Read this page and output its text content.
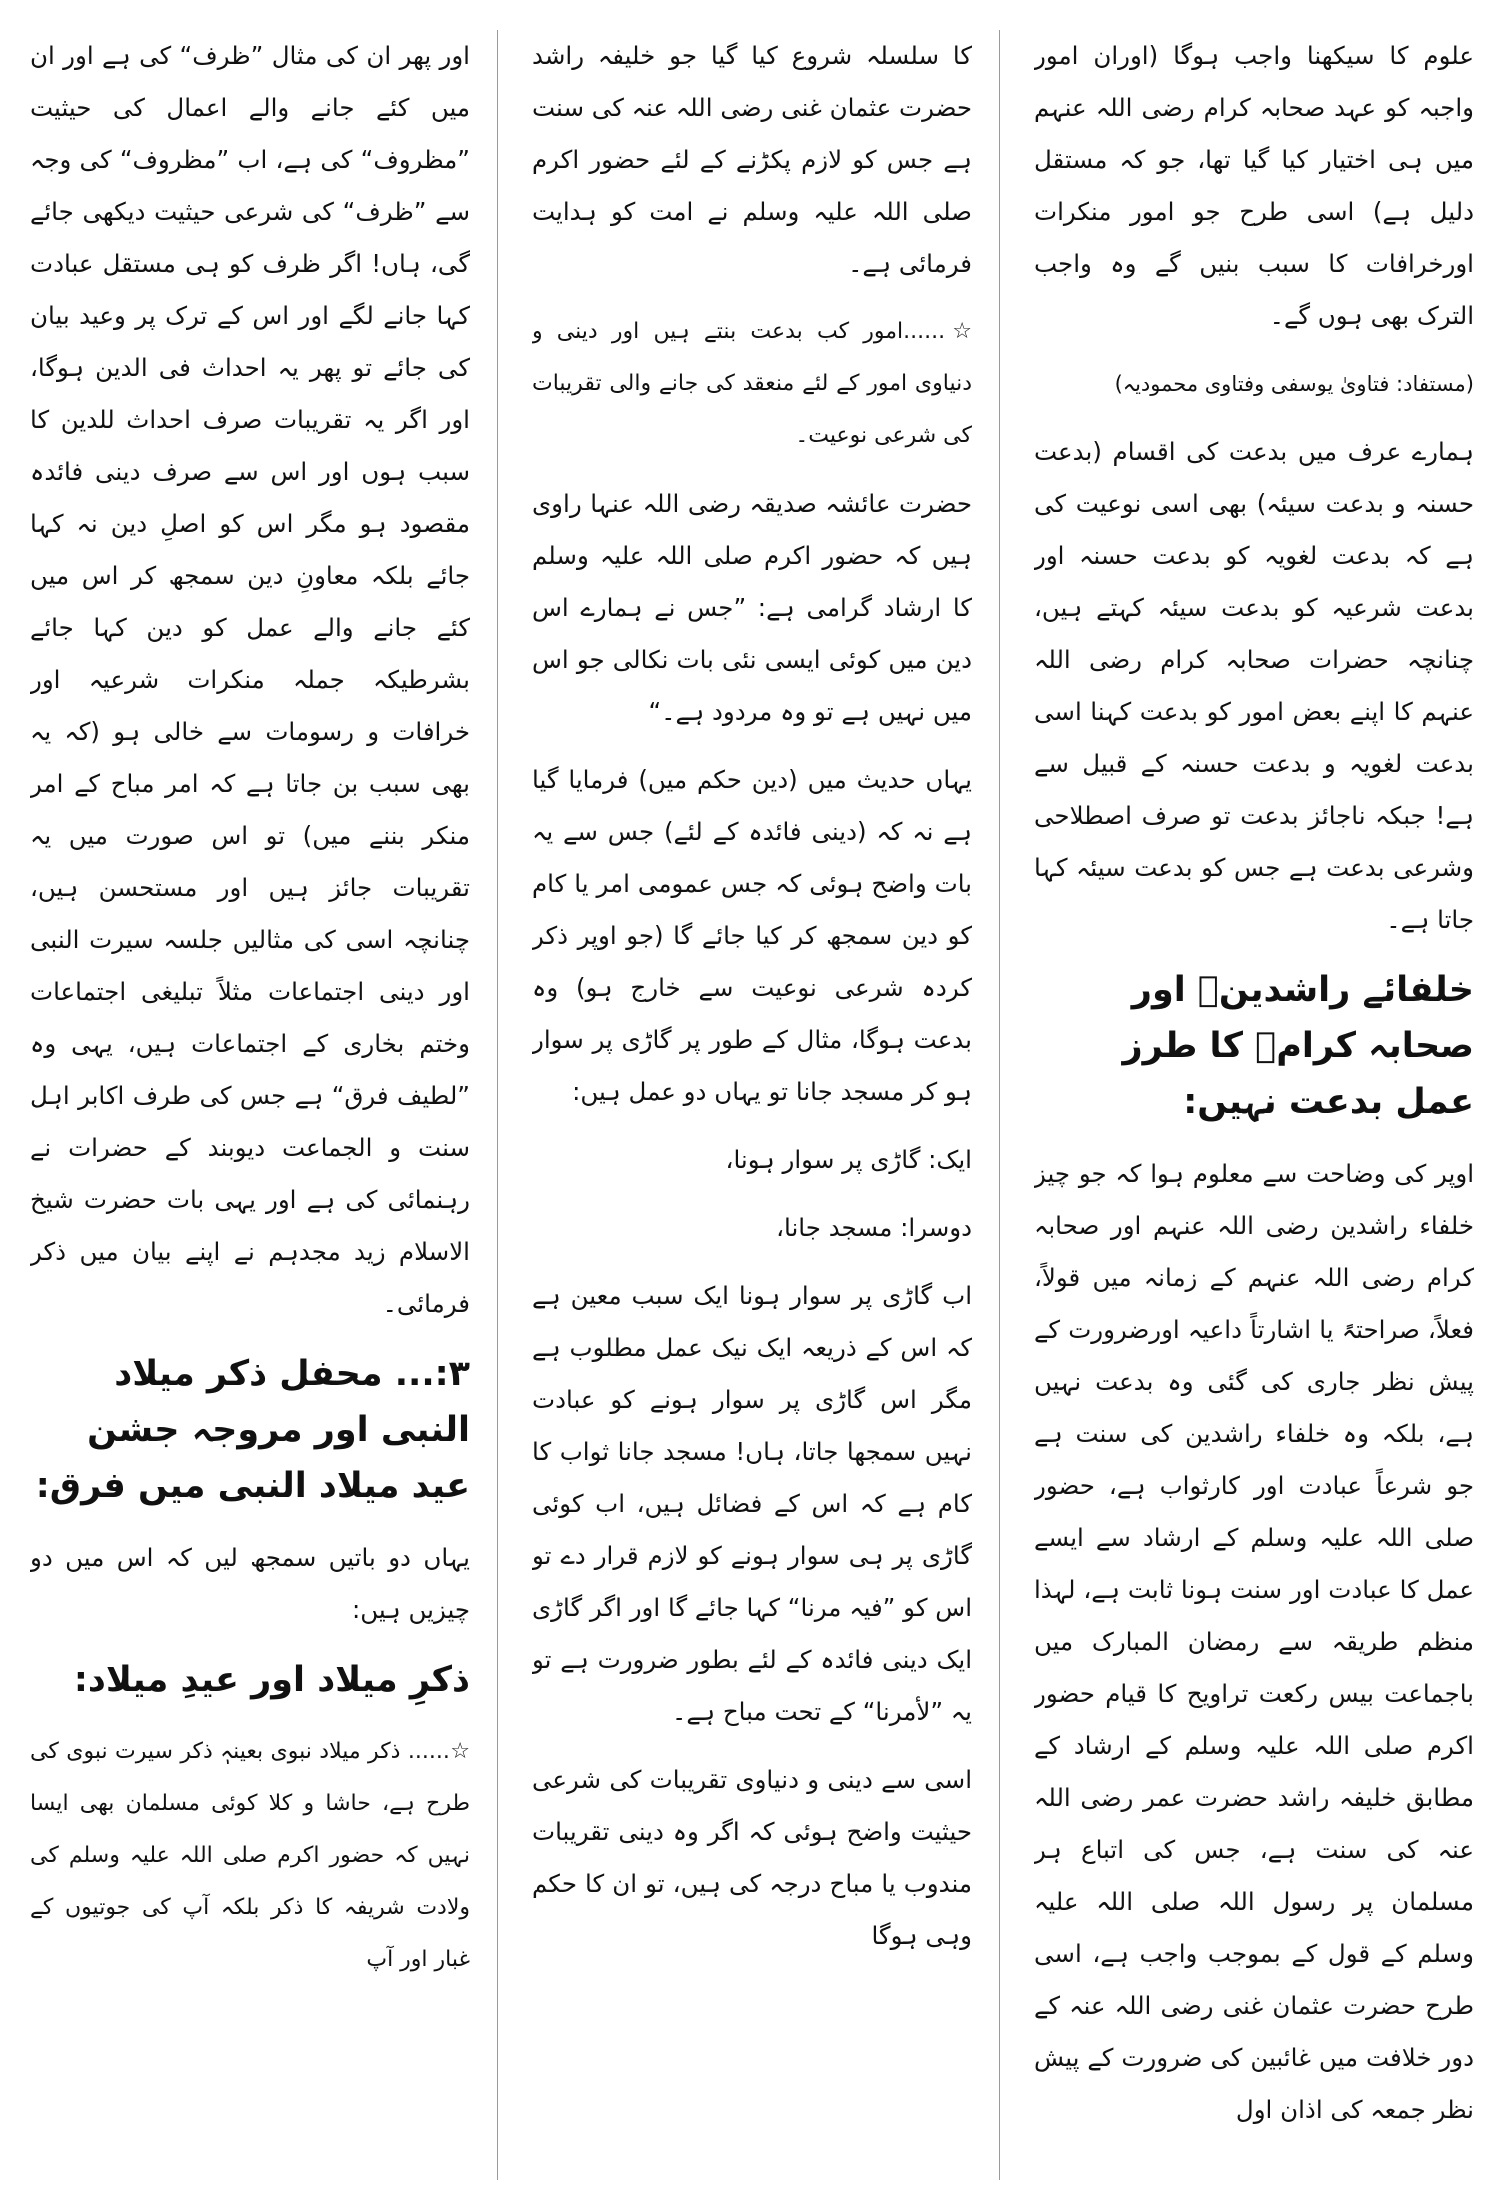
علوم کا سیکھنا واجب ہوگا (اوران امور واجبہ کو عہد صحابہ کرام رضی اللہ عنہم میں ہی اختیار کیا گیا تھا، جو کہ مستقل دلیل ہے) اسی طرح جو امور منکرات اورخرافات کا سبب بنیں گے وہ واجب الترک بھی ہوں گے۔

(مستفاد: فتاویٰ یوسفی وفتاوی محمودیہ)

ہمارے عرف میں بدعت کی اقسام (بدعت حسنہ و بدعت سیئہ) بھی اسی نوعیت کی ہے کہ بدعت لغویہ کو بدعت حسنہ اور بدعت شرعیہ کو بدعت سیئہ کہتے ہیں، چنانچہ حضرات صحابہ کرام رضی اللہ عنہم کا اپنے بعض امور کو بدعت کہنا اسی بدعت لغویہ و بدعت حسنہ کے قبیل سے ہے! جبکہ ناجائز بدعت تو صرف اصطلاحی وشرعی بدعت ہے جس کو بدعت سیئہ کہا جاتا ہے۔

خلفائے راشدینؓ اور صحابہ کرامؓ کا طرز عمل بدعت نہیں:

اوپر کی وضاحت سے معلوم ہوا کہ جو چیز خلفاء راشدین رضی اللہ عنہم اور صحابہ کرام رضی اللہ عنہم کے زمانہ میں قولاً، فعلاً، صراحتہً یا اشارتاً داعیہ اورضرورت کے پیش نظر جاری کی گئی وہ بدعت نہیں ہے، بلکہ وہ خلفاء راشدین کی سنت ہے جو شرعاً عبادت اور کارثواب ہے، حضور صلی اللہ علیہ وسلم کے ارشاد سے ایسے عمل کا عبادت اور سنت ہونا ثابت ہے، لہذا منظم طریقہ سے رمضان المبارک میں باجماعت بیس رکعت تراویح کا قیام حضور اکرم صلی اللہ علیہ وسلم کے ارشاد کے مطابق خلیفہ راشد حضرت عمر رضی اللہ عنہ کی سنت ہے، جس کی اتباع ہر مسلمان پر رسول اللہ صلی اللہ علیہ وسلم کے قول کے بموجب واجب ہے، اسی طرح حضرت عثمان غنی رضی اللہ عنہ کے دور خلافت میں غائبین کی ضرورت کے پیش نظر جمعہ کی اذان اول

کا سلسلہ شروع کیا گیا جو خلیفہ راشد حضرت عثمان غنی رضی اللہ عنہ کی سنت ہے جس کو لازم پکڑنے کے لئے حضور اکرم صلی اللہ علیہ وسلم نے امت کو ہدایت فرمائی ہے۔

☆......امور کب بدعت بنتے ہیں اور دینی و دنیاوی امور کے لئے منعقد کی جانے والی تقریبات کی شرعی نوعیت۔

حضرت عائشہ صدیقہ رضی اللہ عنہا راوی ہیں کہ حضور اکرم صلی اللہ علیہ وسلم کا ارشاد گرامی ہے: ”جس نے ہمارے اس دین میں کوئی ایسی نئی بات نکالی جو اس میں نہیں ہے تو وہ مردود ہے۔“

یہاں حدیث میں (دین حکم میں) فرمایا گیا ہے نہ کہ (دینی فائدہ کے لئے) جس سے یہ بات واضح ہوئی کہ جس عمومی امر یا کام کو دین سمجھ کر کیا جائے گا (جو اوپر ذکر کردہ شرعی نوعیت سے خارج ہو) وہ بدعت ہوگا، مثال کے طور پر گاڑی پر سوار ہو کر مسجد جانا تو یہاں دو عمل ہیں:

ایک: گاڑی پر سوار ہونا،

دوسرا: مسجد جانا،

اب گاڑی پر سوار ہونا ایک سبب معین ہے کہ اس کے ذریعہ ایک نیک عمل مطلوب ہے مگر اس گاڑی پر سوار ہونے کو عبادت نہیں سمجھا جاتا، ہاں! مسجد جانا ثواب کا کام ہے کہ اس کے فضائل ہیں، اب کوئی گاڑی پر ہی سوار ہونے کو لازم قرار دے تو اس کو ”فیہ مرنا“ کہا جائے گا اور اگر گاڑی ایک دینی فائدہ کے لئے بطور ضرورت ہے تو یہ ”لأمرنا“ کے تحت مباح ہے۔

اسی سے دینی و دنیاوی تقریبات کی شرعی حیثیت واضح ہوئی کہ اگر وہ دینی تقریبات مندوب یا مباح درجہ کی ہیں، تو ان کا حکم وہی ہوگا

اور پھر ان کی مثال ”ظرف“ کی ہے اور ان میں کئے جانے والے اعمال کی حیثیت ”مظروف“ کی ہے، اب ”مظروف“ کی وجہ سے ”ظرف“ کی شرعی حیثیت دیکھی جائے گی، ہاں! اگر ظرف کو ہی مستقل عبادت کہا جانے لگے اور اس کے ترک پر وعید بیان کی جائے تو پھر یہ احداث فی الدین ہوگا، اور اگر یہ تقریبات صرف احداث للدین کا سبب ہوں اور اس سے صرف دینی فائدہ مقصود ہو مگر اس کو اصلِ دین نہ کہا جائے بلکہ معاونِ دین سمجھ کر اس میں کئے جانے والے عمل کو دین کہا جائے بشرطیکہ جملہ منکرات شرعیہ اور خرافات و رسومات سے خالی ہو (کہ یہ بھی سبب بن جاتا ہے کہ امر مباح کے امر منکر بننے میں) تو اس صورت میں یہ تقریبات جائز ہیں اور مستحسن ہیں، چنانچہ اسی کی مثالیں جلسہ سیرت النبی اور دینی اجتماعات مثلاً تبلیغی اجتماعات وختم بخاری کے اجتماعات ہیں، یہی وہ ”لطیف فرق“ ہے جس کی طرف اکابر اہل سنت و الجماعت دیوبند کے حضرات نے رہنمائی کی ہے اور یہی بات حضرت شیخ الاسلام زید مجدہم نے اپنے بیان میں ذکر فرمائی۔

۳:... محفل ذکر میلاد النبی اور مروجہ جشن عید میلاد النبی میں فرق:

یہاں دو باتیں سمجھ لیں کہ اس میں دو چیزیں ہیں:

ذکرِ میلاد اور عیدِ میلاد:

☆...... ذکر میلاد نبوی بعینہٖ ذکر سیرت نبوی کی طرح ہے، حاشا و کلا کوئی مسلمان بھی ایسا نہیں کہ حضور اکرم صلی اللہ علیہ وسلم کی ولادت شریفہ کا ذکر بلکہ آپ کی جوتیوں کے غبار اور آپ
